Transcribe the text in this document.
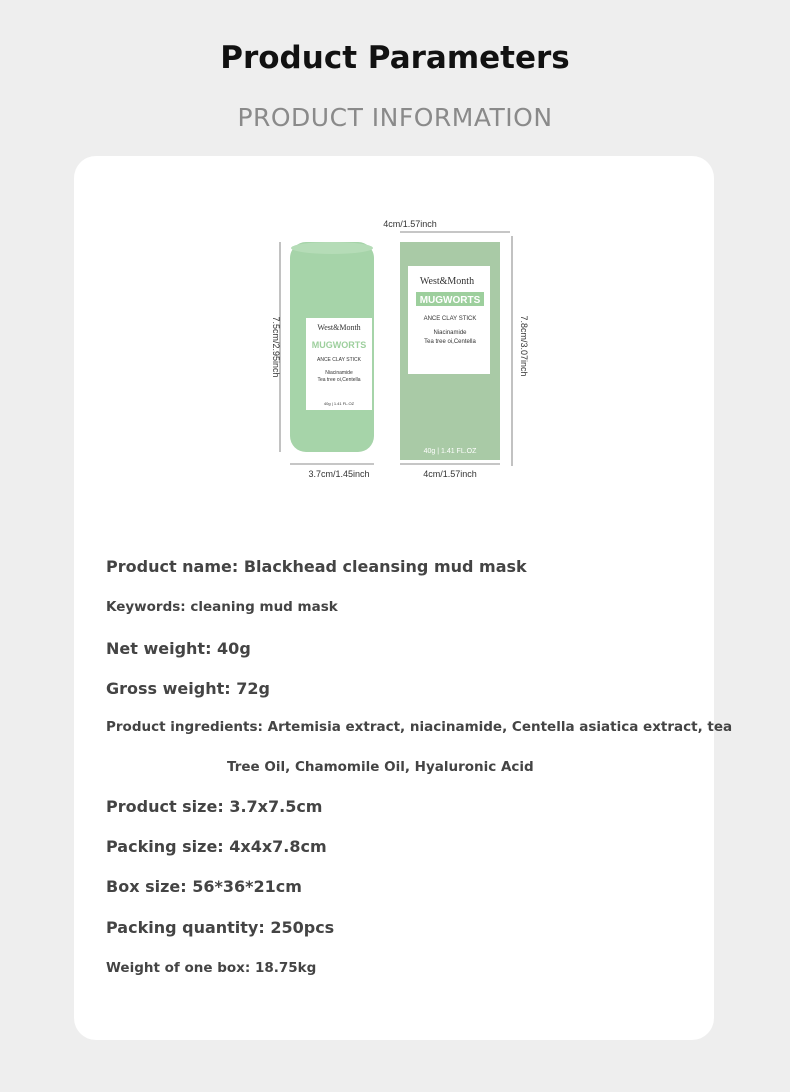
Product Parameters
PRODUCT INFORMATION
4cm/1.57inch
West&Month
MUGWORTS
ANCE CLAY STICK
Niacinamide
Tea tree oi,Centella
40g | 1.41 FL.OZ
West&Month
MUGWORTS
ANCE CLAY STICK
Niacinamide
Tea tree oi,Centella
40g | 1.41 FL.OZ
7.5cm/2.95inch	7.8cm/3.07inch
3.7cm/1.45inch	4cm/1.57inch
Product name: Blackhead cleansing mud mask
Keywords: cleaning mud mask
Net weight: 40g
Gross weight: 72g
Product ingredients: Artemisia extract, niacinamide, Centella asiatica extract, tea
Tree Oil, Chamomile Oil, Hyaluronic Acid
Product size: 3.7x7.5cm
Packing size: 4x4x7.8cm
Box size: 56*36*21cm
Packing quantity: 250pcs
Weight of one box: 18.75kg
